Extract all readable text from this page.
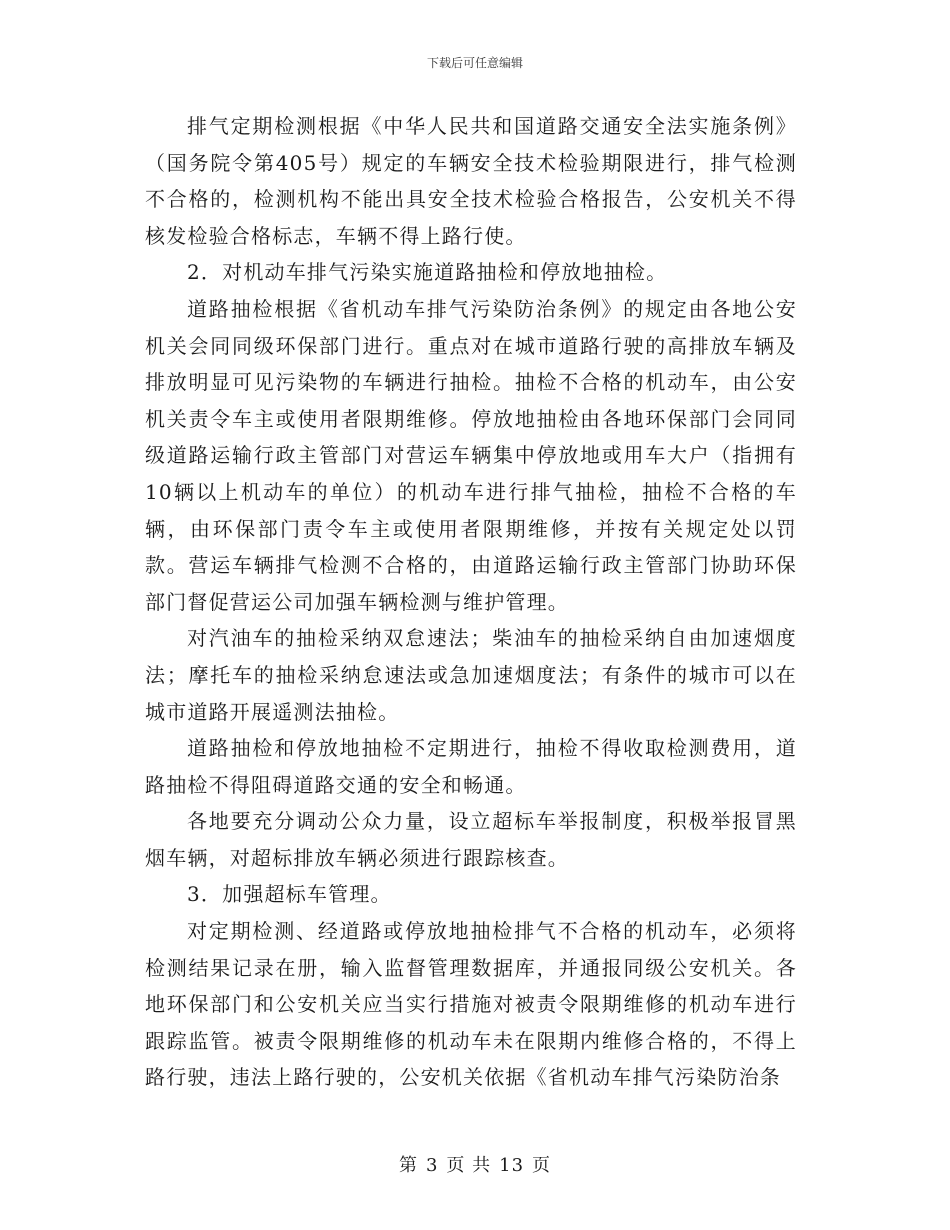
下载后可任意编辑

排气定期检测根据《中华人民共和国道路交通安全法实施条例》（国务院令第405号）规定的车辆安全技术检验期限进行，排气检测不合格的，检测机构不能出具安全技术检验合格报告，公安机关不得核发检验合格标志，车辆不得上路行使。

2．对机动车排气污染实施道路抽检和停放地抽检。

道路抽检根据《省机动车排气污染防治条例》的规定由各地公安机关会同同级环保部门进行。重点对在城市道路行驶的高排放车辆及排放明显可见污染物的车辆进行抽检。抽检不合格的机动车，由公安机关责令车主或使用者限期维修。停放地抽检由各地环保部门会同同级道路运输行政主管部门对营运车辆集中停放地或用车大户（指拥有10辆以上机动车的单位）的机动车进行排气抽检，抽检不合格的车辆，由环保部门责令车主或使用者限期维修，并按有关规定处以罚款。营运车辆排气检测不合格的，由道路运输行政主管部门协助环保部门督促营运公司加强车辆检测与维护管理。

对汽油车的抽检采纳双怠速法；柴油车的抽检采纳自由加速烟度法；摩托车的抽检采纳怠速法或急加速烟度法；有条件的城市可以在城市道路开展遥测法抽检。

道路抽检和停放地抽检不定期进行，抽检不得收取检测费用，道路抽检不得阻碍道路交通的安全和畅通。

各地要充分调动公众力量，设立超标车举报制度，积极举报冒黑烟车辆，对超标排放车辆必须进行跟踪核查。

3．加强超标车管理。

对定期检测、经道路或停放地抽检排气不合格的机动车，必须将检测结果记录在册，输入监督管理数据库，并通报同级公安机关。各地环保部门和公安机关应当实行措施对被责令限期维修的机动车进行跟踪监管。被责令限期维修的机动车未在限期内维修合格的，不得上路行驶，违法上路行驶的，公安机关依据《省机动车排气污染防治条

第 3 页 共 13 页
